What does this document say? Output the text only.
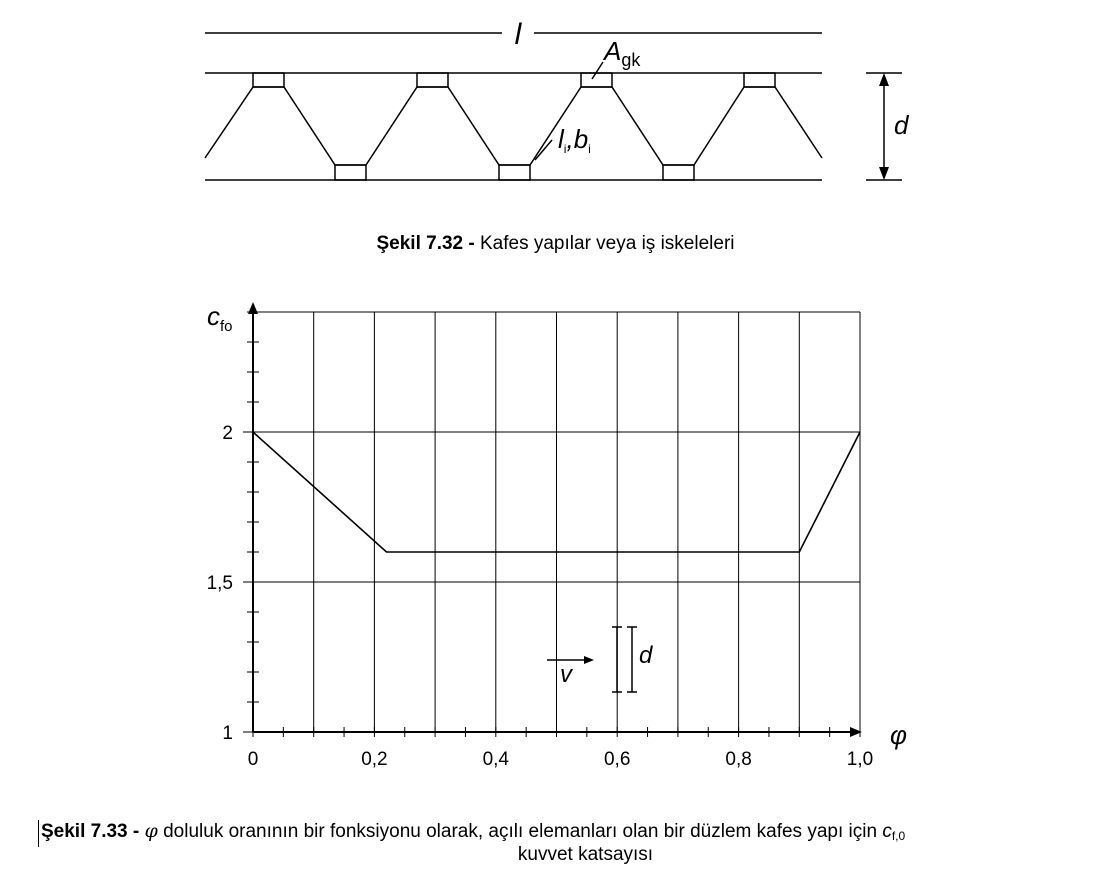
l	$A_{gk}$
li,bi
d
Şekil 7.32 - Kafes yapılar veya iş iskeleleri
0	0,2	0,4	0,6	0,8	1,0
1
1,5
2
$c_{fo}$
φ
v
d
Şekil 7.33 - φ doluluk oranının bir fonksiyonu olarak, açılı elemanları olan bir düzlem kafes yapı için $c_{f,0}$
kuvvet katsayısı
